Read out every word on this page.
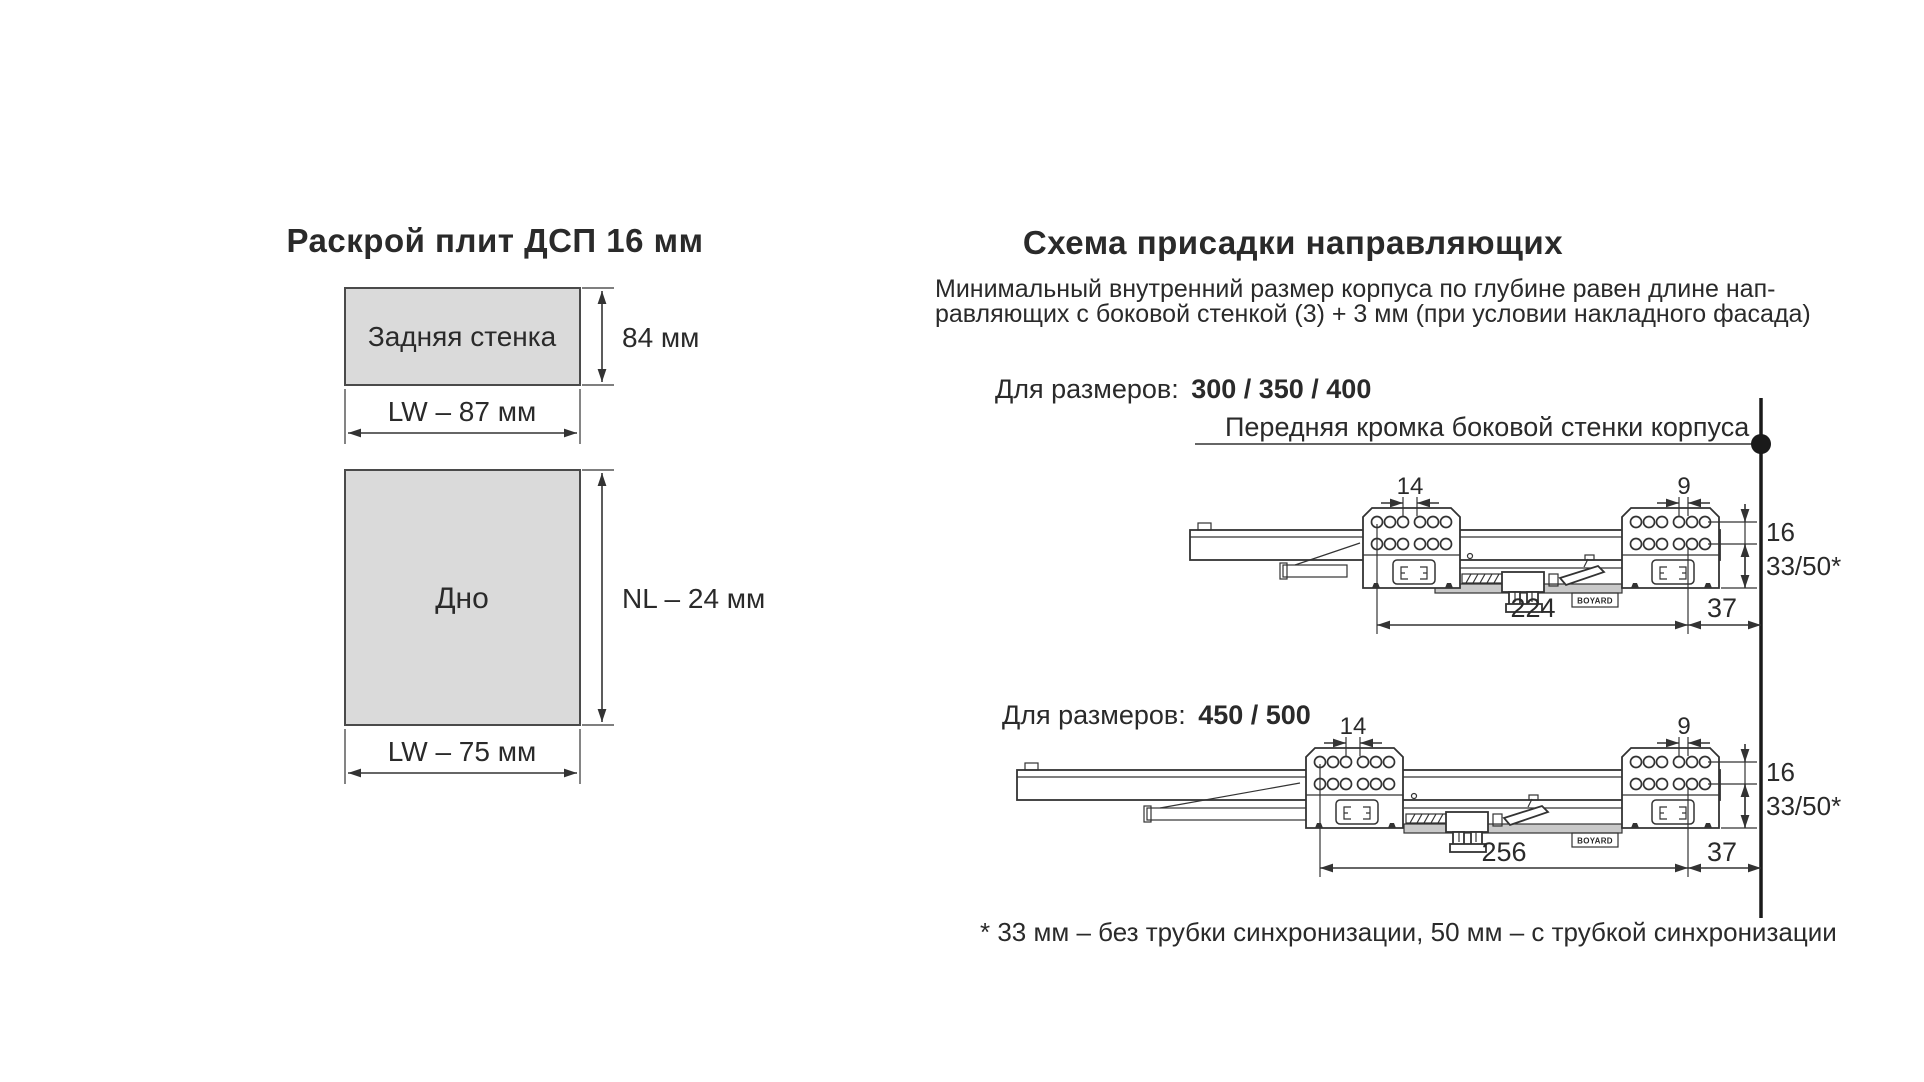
BOYARD
Раскрой плит ДСП 16 мм
Задняя стенка 84 мм
LW – 87 мм
Дно	NL – 24 мм
LW – 75 мм
Схема присадки направляющих
Минимальный внутренний размер корпуса по глубине равен длине нап-
равляющих с боковой стенкой (3) + 3 мм (при условии накладного фасада)
Для размеров: 300 / 350 / 400
Передняя кромка боковой стенки корпуса
14	9
16
33/50*
224	37
Для размеров: 450 / 500 14	9
16
33/50*
256	37
* 33 мм – без трубки синхронизации, 50 мм – с трубкой синхронизации
